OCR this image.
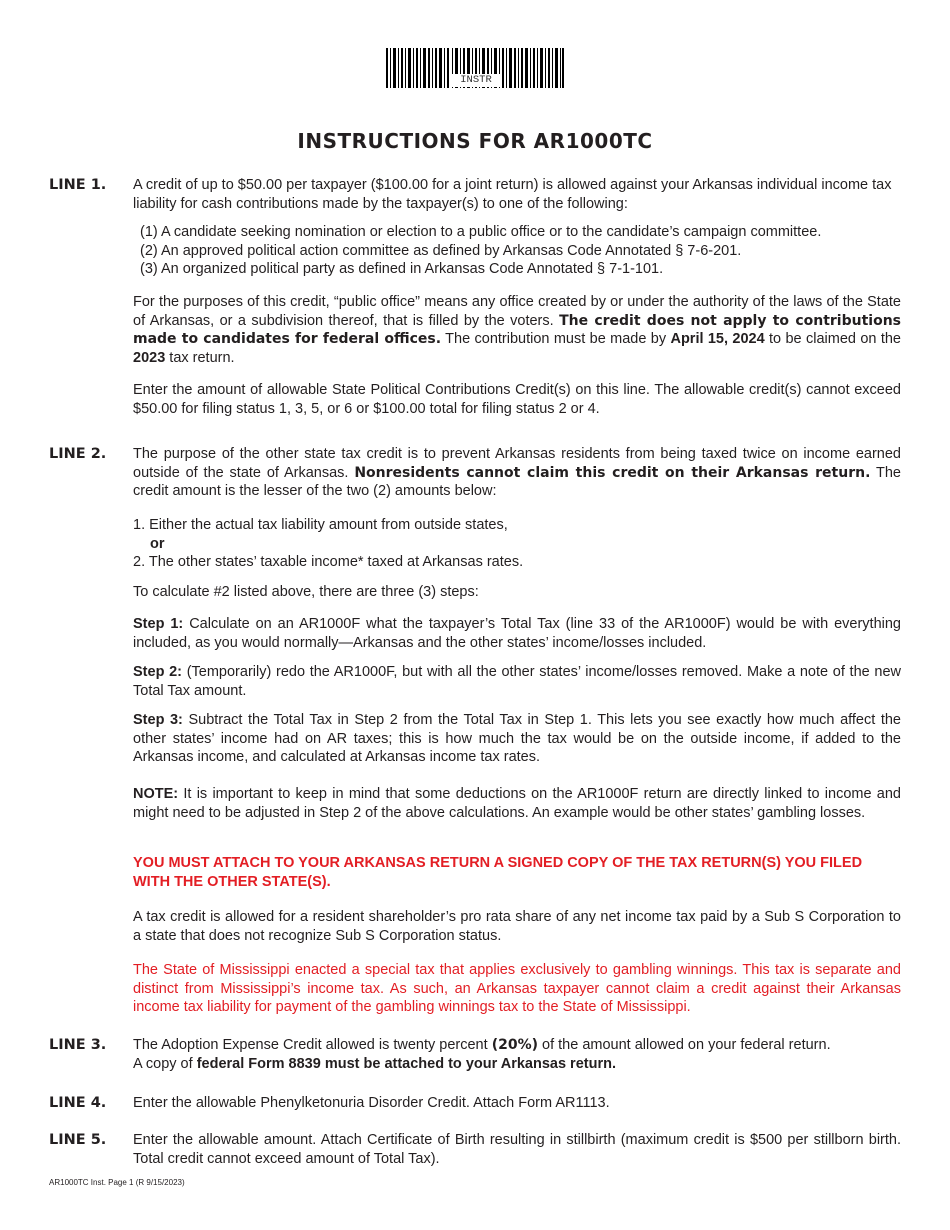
INSTR
INSTRUCTIONS FOR AR1000TC
LINE 1.	A credit of up to $50.00 per taxpayer ($100.00 for a joint return) is allowed against your Arkansas individual income tax liability for cash contributions made by the taxpayer(s) to one of the following:

(1) A candidate seeking nomination or election to a public office or to the candidate’s campaign committee.
(2) An approved political action committee as defined by Arkansas Code Annotated § 7-6-201.
(3) An organized political party as defined in Arkansas Code Annotated § 7-1-101.

For the purposes of this credit, “public office” means any office created by or under the authority of the laws of the State of Arkansas, or a subdivision thereof, that is filled by the voters. The credit does not apply to contributions made to candidates for federal offices. The contribution must be made by April 15, 2024 to be claimed on the 2023 tax return.

Enter the amount of allowable State Political Contributions Credit(s) on this line. The allowable credit(s) cannot exceed $50.00 for filing status 1, 3, 5, or 6 or $100.00 total for filing status 2 or 4.

LINE 2.	The purpose of the other state tax credit is to prevent Arkansas residents from being taxed twice on income earned outside of the state of Arkansas. Nonresidents cannot claim this credit on their Arkansas return. The credit amount is the lesser of the two (2) amounts below:

1. Either the actual tax liability amount from outside states,
or
2. The other states’ taxable income* taxed at Arkansas rates.
To calculate #2 listed above, there are three (3) steps:

Step 1: Calculate on an AR1000F what the taxpayer’s Total Tax (line 33 of the AR1000F) would be with everything included, as you would normally—Arkansas and the other states’ income/losses included.

Step 2: (Temporarily) redo the AR1000F, but with all the other states’ income/losses removed. Make a note of the new Total Tax amount.

Step 3: Subtract the Total Tax in Step 2 from the Total Tax in Step 1. This lets you see exactly how much affect the other states’ income had on AR taxes; this is how much the tax would be on the outside income, if added to the Arkansas income, and calculated at Arkansas income tax rates.

NOTE: It is important to keep in mind that some deductions on the AR1000F return are directly linked to income and might need to be adjusted in Step 2 of the above calculations. An example would be other states’ gambling losses.

YOU MUST ATTACH TO YOUR ARKANSAS RETURN A SIGNED COPY OF THE TAX RETURN(S) YOU FILED WITH THE OTHER STATE(S).
A tax credit is allowed for a resident shareholder’s pro rata share of any net income tax paid by a Sub S Corporation to a state that does not recognize Sub S Corporation status.
The State of Mississippi enacted a special tax that applies exclusively to gambling winnings. This tax is separate and distinct from Mississippi’s income tax. As such, an Arkansas taxpayer cannot claim a credit against their Arkansas income tax liability for payment of the gambling winnings tax to the State of Mississippi.
LINE 3.	The Adoption Expense Credit allowed is twenty percent (20%) of the amount allowed on your federal return. A copy of federal Form 8839 must be attached to your Arkansas return.

LINE 4.	Enter the allowable Phenylketonuria Disorder Credit. Attach Form AR1113.
LINE 5.	Enter the allowable amount. Attach Certificate of Birth resulting in stillbirth (maximum credit is $500 per stillborn birth. Total credit cannot exceed amount of Total Tax).
AR1000TC Inst. Page 1 (R 9/15/2023)
